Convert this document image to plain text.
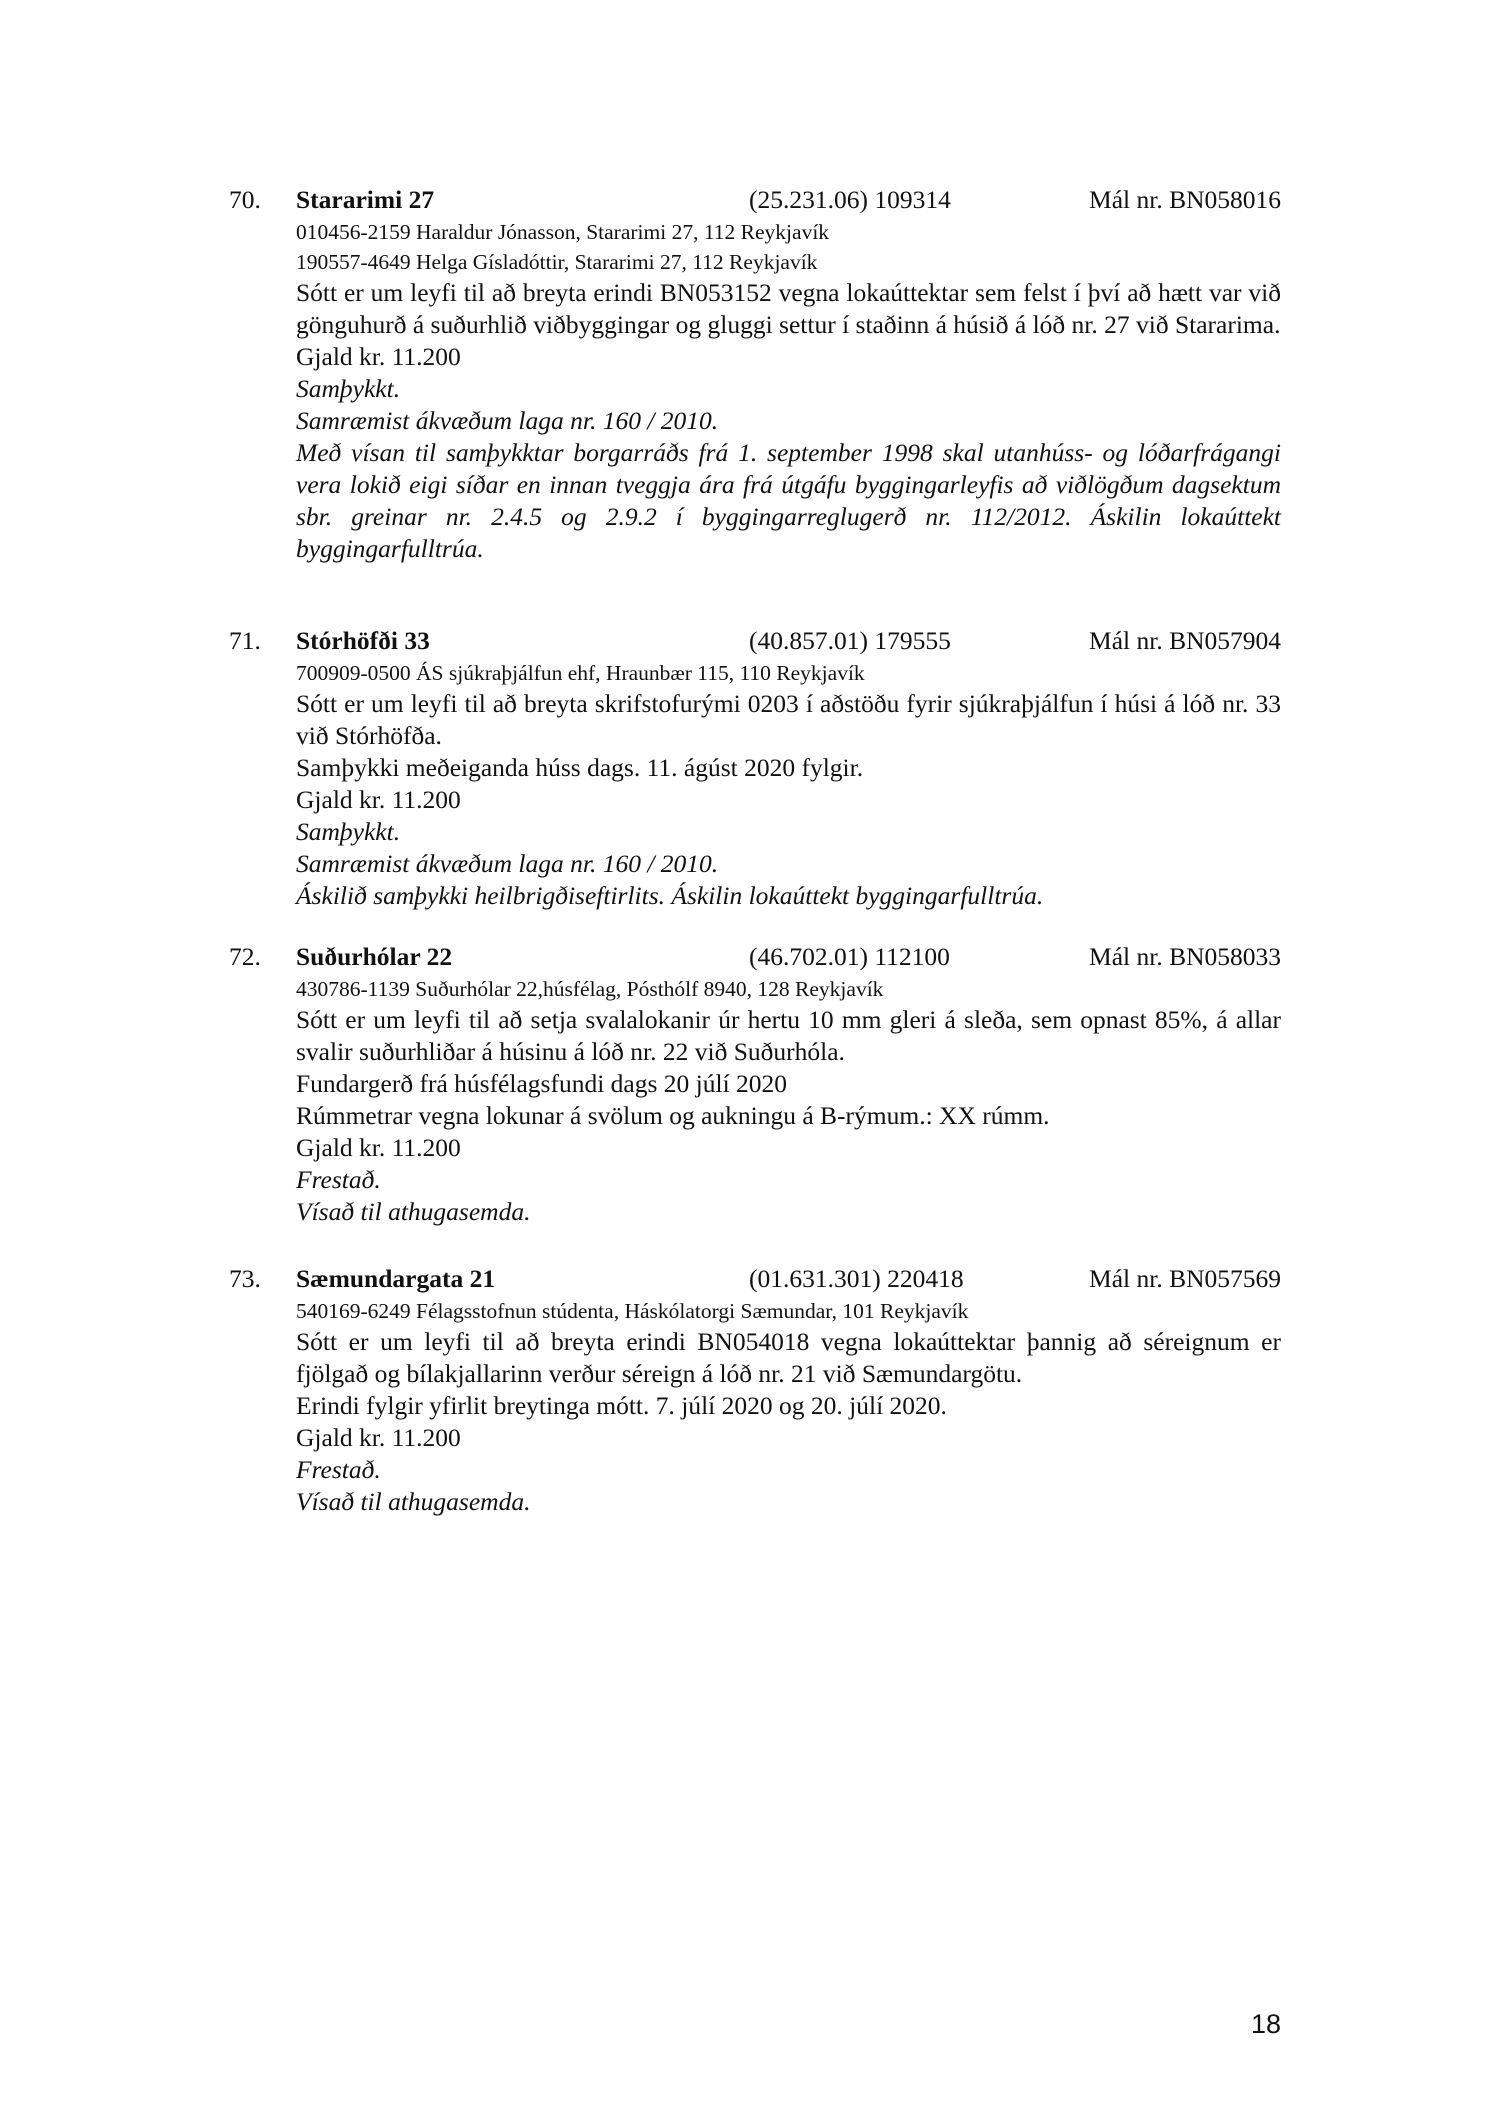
70. Stararimi 27	(25.231.06) 109314	Mál nr. BN058016
010456-2159 Haraldur Jónasson, Stararimi 27, 112 Reykjavík
190557-4649 Helga Gísladóttir, Stararimi 27, 112 Reykjavík
Sótt er um leyfi til að breyta erindi BN053152 vegna lokaúttektar sem felst í því að hætt var við gönguhurð á suðurhlið viðbyggingar og gluggi settur í staðinn á húsið á lóð nr. 27 við Stararima.
Gjald kr. 11.200
Samþykkt.
Samræmist ákvæðum laga nr. 160 / 2010.
Með vísan til samþykktar borgarráðs frá 1. september 1998 skal utanhúss- og lóðarfrágangi vera lokið eigi síðar en innan tveggja ára frá útgáfu byggingarleyfis að viðlögðum dagsektum sbr. greinar nr. 2.4.5 og 2.9.2 í byggingarreglugerð nr. 112/2012. Áskilin lokaúttekt byggingarfulltrúa.
71. Stórhöfði 33	(40.857.01) 179555	Mál nr. BN057904
700909-0500 ÁS sjúkraþjálfun ehf, Hraunbær 115, 110 Reykjavík
Sótt er um leyfi til að breyta skrifstofurými 0203 í aðstöðu fyrir sjúkraþjálfun í húsi á lóð nr. 33 við Stórhöfða.
Samþykki meðeiganda húss dags. 11. ágúst 2020 fylgir.
Gjald kr. 11.200
Samþykkt.
Samræmist ákvæðum laga nr. 160 / 2010.
Áskilið samþykki heilbrigðiseftirlits. Áskilin lokaúttekt byggingarfulltrúa.
72. Suðurhólar 22	(46.702.01) 112100	Mál nr. BN058033
430786-1139 Suðurhólar 22,húsfélag, Pósthólf 8940, 128 Reykjavík
Sótt er um leyfi til að setja svalalokanir úr hertu 10 mm gleri á sleða, sem opnast 85%, á allar svalir suðurhliðar á húsinu á lóð nr. 22 við Suðurhóla.
Fundargerð frá húsfélagsfundi dags 20 júlí 2020
Rúmmetrar vegna lokunar á svölum og aukningu á B-rýmum.: XX rúmm.
Gjald kr. 11.200
Frestað.
Vísað til athugasemda.
73. Sæmundargata 21	(01.631.301) 220418	Mál nr. BN057569
540169-6249 Félagsstofnun stúdenta, Háskólatorgi Sæmundar, 101 Reykjavík
Sótt er um leyfi til að breyta erindi BN054018 vegna lokaúttektar þannig að séreignum er fjölgað og bílakjallarinn verður séreign á lóð nr. 21 við Sæmundargötu.
Erindi fylgir yfirlit breytinga mótt. 7. júlí 2020 og 20. júlí 2020.
Gjald kr. 11.200
Frestað.
Vísað til athugasemda.
18
